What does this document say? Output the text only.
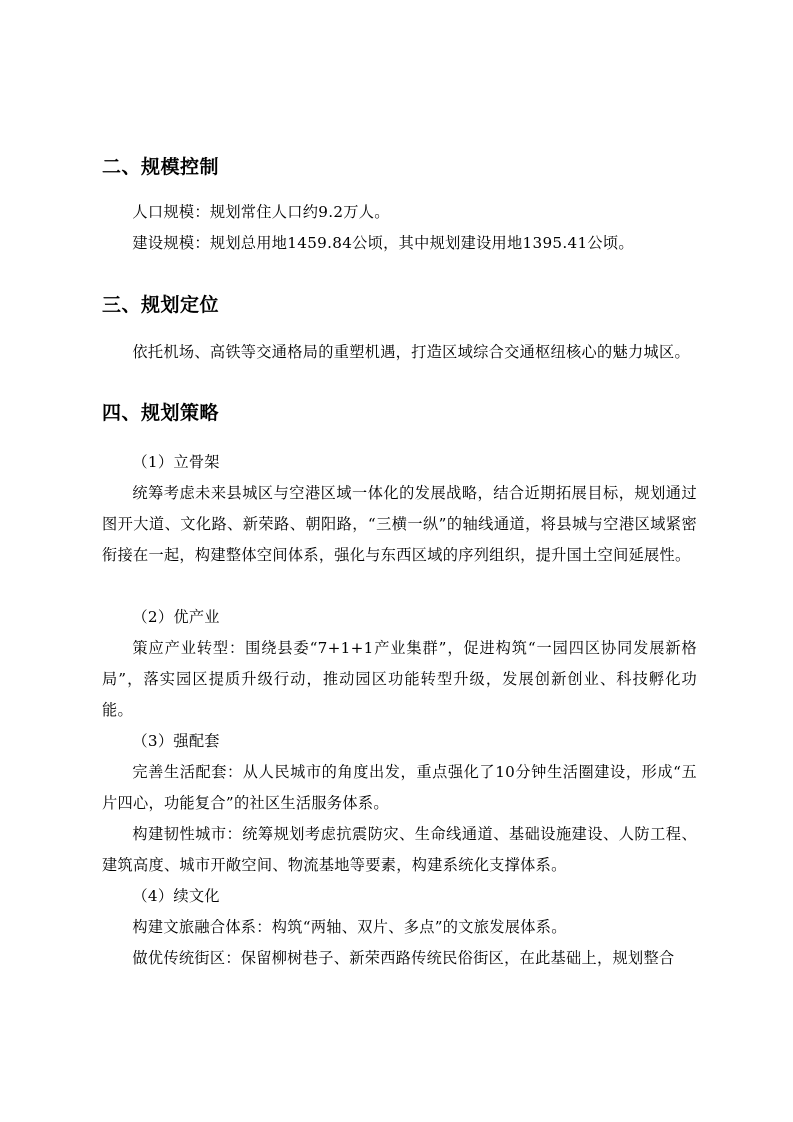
二、规模控制

人口规模：规划常住人口约9.2万人。

建设规模：规划总用地1459.84公顷，其中规划建设用地1395.41公顷。

三、规划定位

依托机场、高铁等交通格局的重塑机遇，打造区域综合交通枢纽核心的魅力城区。

四、规划策略

（1）立骨架

统筹考虑未来县城区与空港区域一体化的发展战略，结合近期拓展目标，规划通过图开大道、文化路、新荣路、朝阳路，“三横一纵”的轴线通道，将县城与空港区域紧密衔接在一起，构建整体空间体系，强化与东西区域的序列组织，提升国土空间延展性。

（2）优产业

策应产业转型：围绕县委“7+1+1产业集群”，促进构筑“一园四区协同发展新格局”，落实园区提质升级行动，推动园区功能转型升级，发展创新创业、科技孵化功能。

（3）强配套

完善生活配套：从人民城市的角度出发，重点强化了10分钟生活圈建设，形成“五片四心，功能复合”的社区生活服务体系。

构建韧性城市：统筹规划考虑抗震防灾、生命线通道、基础设施建设、人防工程、建筑高度、城市开敞空间、物流基地等要素，构建系统化支撑体系。

（4）续文化

构建文旅融合体系：构筑“两轴、双片、多点”的文旅发展体系。

做优传统街区：保留柳树巷子、新荣西路传统民俗街区，在此基础上，规划整合
